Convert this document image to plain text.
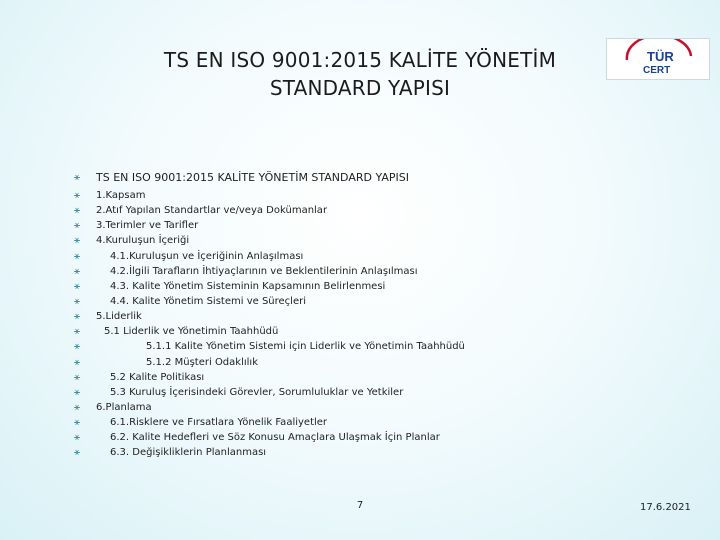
TS EN ISO 9001:2015 KALİTE YÖNETİM
STANDARD YAPISI
TÜR
CERT
⚹	TS EN ISO 9001:2015 KALİTE YÖNETİM STANDARD YAPISI
⚹	1.Kapsam
⚹	2.Atıf Yapılan Standartlar ve/veya Dokümanlar
⚹	3.Terimler ve Tarifler
⚹	4.Kuruluşun İçeriği
⚹	4.1.Kuruluşun ve İçeriğinin Anlaşılması
⚹	4.2.İlgili Tarafların İhtiyaçlarının ve Beklentilerinin Anlaşılması
⚹	4.3. Kalite Yönetim Sisteminin Kapsamının Belirlenmesi
⚹	4.4. Kalite Yönetim Sistemi ve Süreçleri
⚹	5.Liderlik
⚹	5.1 Liderlik ve Yönetimin Taahhüdü
⚹	5.1.1 Kalite Yönetim Sistemi için Liderlik ve Yönetimin Taahhüdü
⚹	5.1.2 Müşteri Odaklılık
⚹	5.2 Kalite Politikası
⚹	5.3 Kuruluş İçerisindeki Görevler, Sorumluluklar ve Yetkiler
⚹	6.Planlama
⚹	6.1.Risklere ve Fırsatlara Yönelik Faaliyetler
⚹	6.2. Kalite Hedefleri ve Söz Konusu Amaçlara Ulaşmak İçin Planlar
⚹	6.3. Değişikliklerin Planlanması
7	17.6.2021
